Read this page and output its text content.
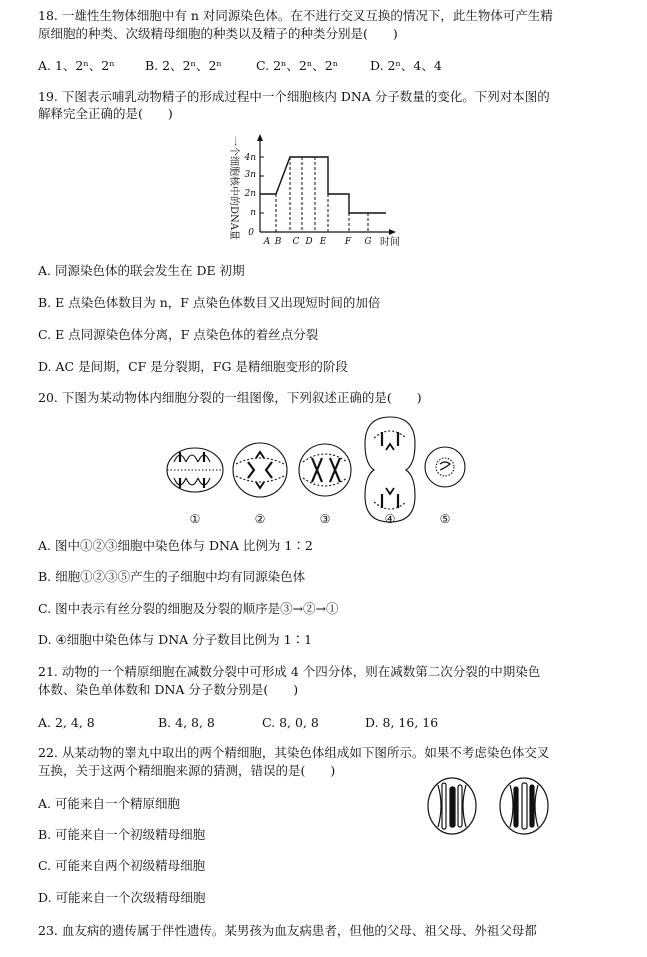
18. 一雄性生物体细胞中有 n 对同源染色体。在不进行交叉互换的情况下，此生物体可产生精
原细胞的种类、次级精母细胞的种类以及精子的种类分别是(　　)
A. 1、2ⁿ、2ⁿ B. 2、2ⁿ、2ⁿ	C. 2ⁿ、2ⁿ、2ⁿ	D. 2ⁿ、4、4
19. 下图表示哺乳动物精子的形成过程中一个细胞核内 DNA 分子数量的变化。下列对本图的
解释完全正确的是(　　)
一个细胞核中的DNA量 4n
3n
2n
n
0
A B C D E F G 时间
A. 同源染色体的联会发生在 DE 初期
B. E 点染色体数目为 n，F 点染色体数目又出现短时间的加倍
C. E 点同源染色体分离，F 点染色体的着丝点分裂
D. AC 是间期，CF 是分裂期，FG 是精细胞变形的阶段
20. 下图为某动物体内细胞分裂的一组图像，下列叙述正确的是(　　)
①	②	③	④	⑤
A. 图中①②③细胞中染色体与 DNA 比例为 1∶2
B. 细胞①②③⑤产生的子细胞中均有同源染色体
C. 图中表示有丝分裂的细胞及分裂的顺序是③→②→①
D. ④细胞中染色体与 DNA 分子数目比例为 1∶1
21. 动物的一个精原细胞在减数分裂中可形成 4 个四分体，则在减数第二次分裂的中期染色
体数、染色单体数和 DNA 分子数分别是(　　)
A. 2, 4, 8	B. 4, 8, 8	C. 8, 0, 8	D. 8, 16, 16
22. 从某动物的睾丸中取出的两个精细胞，其染色体组成如下图所示。如果不考虑染色体交叉
互换，关于这两个精细胞来源的猜测，错误的是(　　)
A. 可能来自一个精原细胞
B. 可能来自一个初级精母细胞
C. 可能来自两个初级精母细胞
D. 可能来自一个次级精母细胞
23. 血友病的遗传属于伴性遗传。某男孩为血友病患者，但他的父母、祖父母、外祖父母都
